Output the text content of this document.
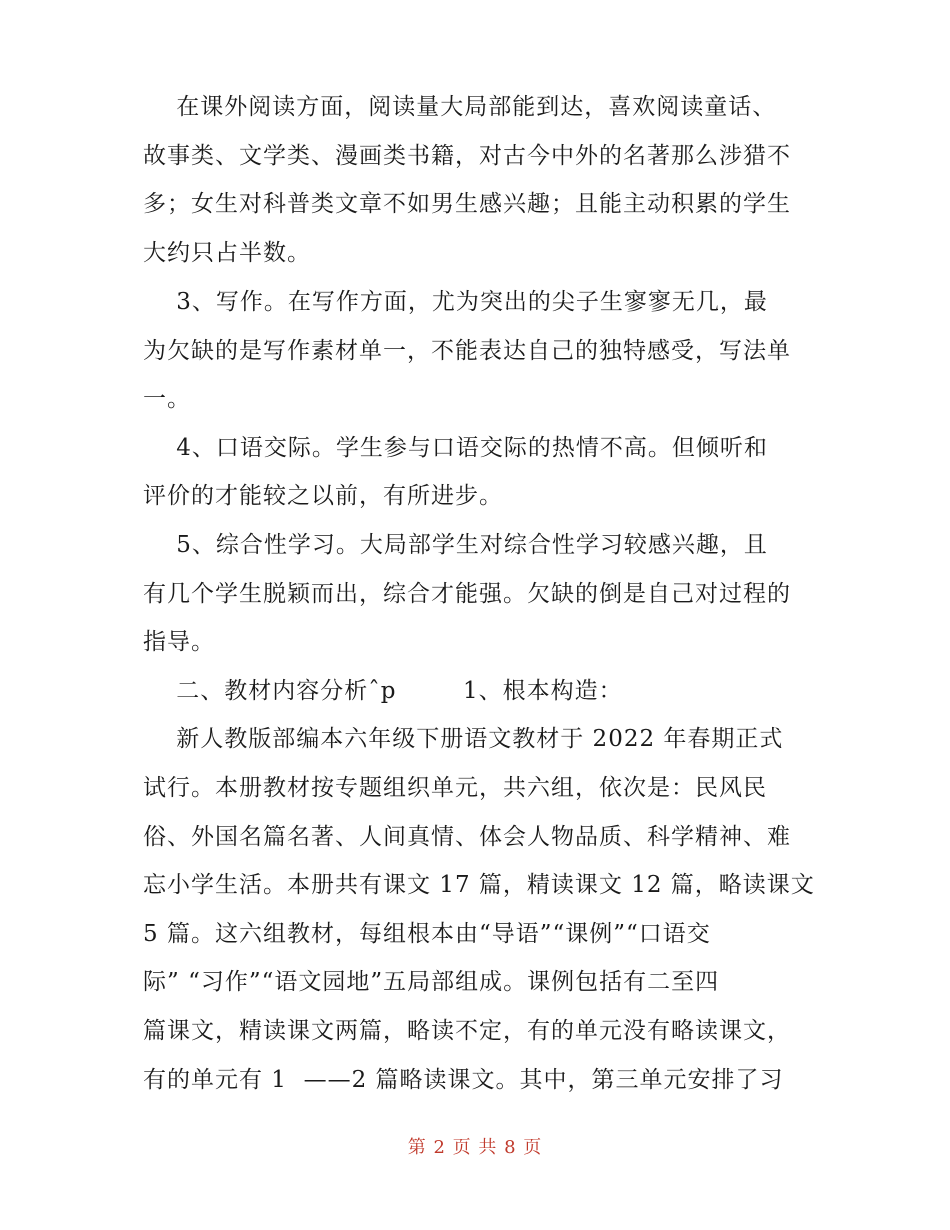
在课外阅读方面，阅读量大局部能到达，喜欢阅读童话、
故事类、文学类、漫画类书籍，对古今中外的名著那么涉猎不
多；女生对科普类文章不如男生感兴趣；且能主动积累的学生
大约只占半数。
3、写作。在写作方面，尤为突出的尖子生寥寥无几，最
为欠缺的是写作素材单一，不能表达自己的独特感受，写法单
一。
4、口语交际。学生参与口语交际的热情不高。但倾听和
评价的才能较之以前，有所进步。
5、综合性学习。大局部学生对综合性学习较感兴趣，且
有几个学生脱颖而出，综合才能强。欠缺的倒是自己对过程的
指导。
二、教材内容分析ˆp        1、根本构造：
新人教版部编本六年级下册语文教材于 2022 年春期正式
试行。本册教材按专题组织单元，共六组，依次是：民风民
俗、外国名篇名著、人间真情、体会人物品质、科学精神、难
忘小学生活。本册共有课文 17 篇，精读课文 12 篇，略读课文
5 篇。这六组教材，每组根本由“导语”“课例”“口语交
际” “习作”“语文园地”五局部组成。课例包括有二至四
篇课文，精读课文两篇，略读不定，有的单元没有略读课文，
有的单元有 1  ——2 篇略读课文。其中，第三单元安排了习
第 2 页 共 8 页
